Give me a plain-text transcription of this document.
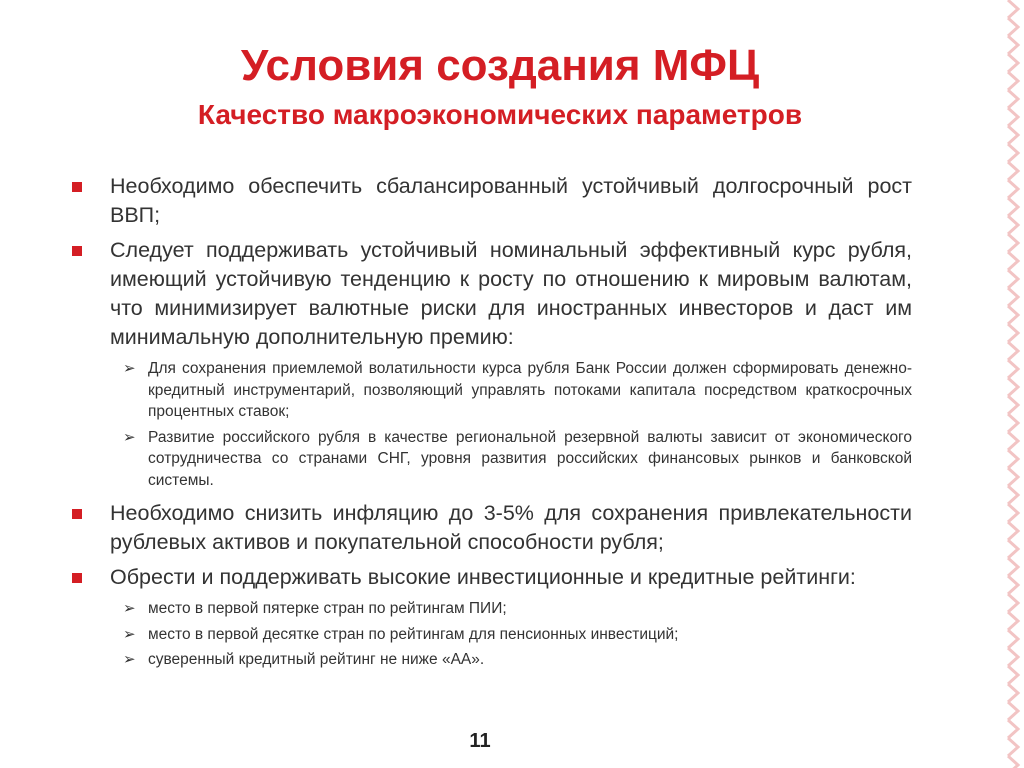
Условия создания МФЦ
Качество макроэкономических параметров
Необходимо обеспечить сбалансированный устойчивый долгосрочный рост ВВП;
Следует поддерживать устойчивый номинальный эффективный курс рубля, имеющий устойчивую тенденцию к росту по отношению к мировым валютам, что минимизирует валютные риски для иностранных инвесторов и даст им минимальную дополнительную премию:
➢ Для сохранения приемлемой волатильности курса рубля Банк России должен сформировать денежно-кредитный инструментарий, позволяющий управлять потоками капитала посредством краткосрочных процентных ставок;
➢ Развитие российского рубля в качестве региональной резервной валюты зависит от экономического сотрудничества со странами СНГ, уровня развития российских финансовых рынков и банковской системы.
Необходимо снизить инфляцию до 3-5% для сохранения привлекательности рублевых активов и покупательной способности рубля;
Обрести и поддерживать высокие инвестиционные и кредитные рейтинги:
➢ место в первой пятерке стран по рейтингам ПИИ;
➢ место в первой десятке стран по рейтингам для пенсионных инвестиций;
➢ суверенный кредитный рейтинг не ниже «АА».
11
